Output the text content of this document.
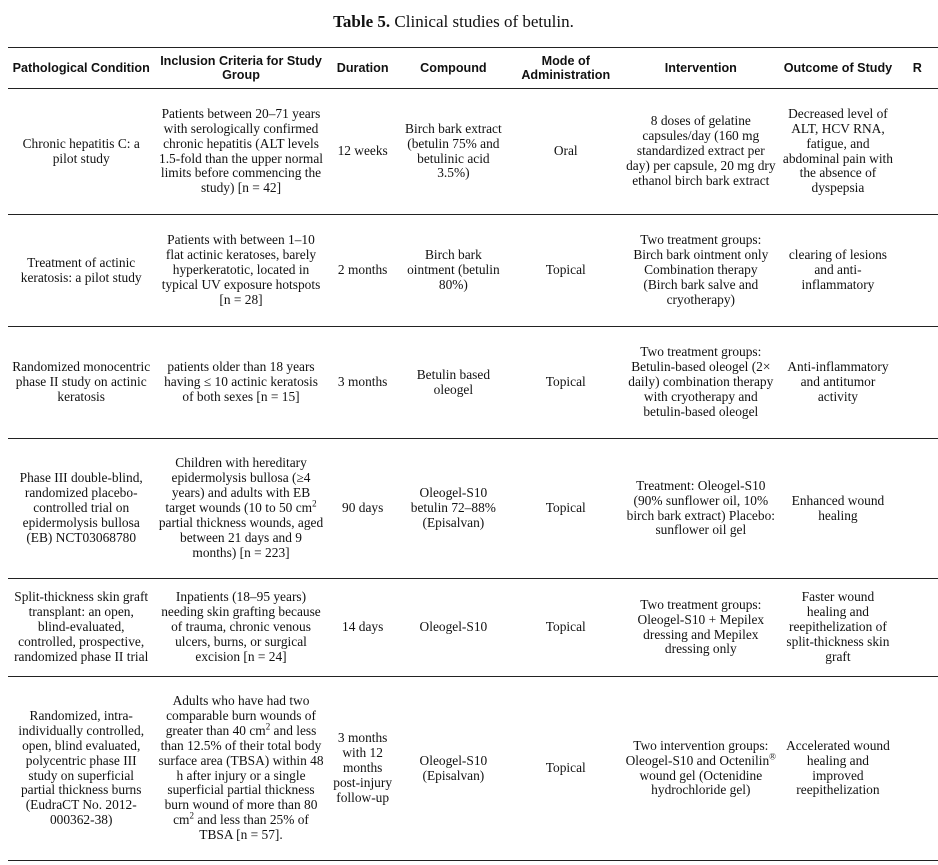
Table 5. Clinical studies of betulin.
Pathological Condition	Inclusion Criteria for Study Group	Duration	Compound	Mode of Administration	Intervention	Outcome of Study	R
Chronic hepatitis C: a pilot study	Patients between 20–71 years with serologically confirmed chronic hepatitis (ALT levels 1.5-fold than the upper normal limits before commencing the study) [n = 42]	12 weeks	Birch bark extract (betulin 75% and betulinic acid 3.5%)	Oral	8 doses of gelatine capsules/day (160 mg standardized extract per day) per capsule, 20 mg dry ethanol birch bark extract	Decreased level of ALT, HCV RNA, fatigue, and abdominal pain with the absence of dyspepsia	
Treatment of actinic keratosis: a pilot study	Patients with between 1–10 flat actinic keratoses, barely hyperkeratotic, located in typical UV exposure hotspots [n = 28]	2 months	Birch bark ointment (betulin 80%)	Topical	Two treatment groups: Birch bark ointment only Combination therapy (Birch bark salve and cryotherapy)	clearing of lesions and anti-inflammatory	
Randomized monocentric phase II study on actinic keratosis	patients older than 18 years having ≤ 10 actinic keratosis of both sexes [n = 15]	3 months	Betulin based oleogel	Topical	Two treatment groups: Betulin-based oleogel (2× daily) combination therapy with cryotherapy and betulin-based oleogel	Anti-inflammatory and antitumor activity	
Phase III double-blind, randomized placebo-controlled trial on epidermolysis bullosa (EB) NCT03068780	Children with hereditary epidermolysis bullosa (≥4 years) and adults with EB target wounds (10 to 50 $cm^2$ partial thickness wounds, aged between 21 days and 9 months) [n = 223]	90 days	Oleogel-S10 betulin 72–88% (Episalvan)	Topical	Treatment: Oleogel-S10 (90% sunflower oil, 10% birch bark extract) Placebo: sunflower oil gel	Enhanced wound healing	
Split-thickness skin graft transplant: an open, blind-evaluated, controlled, prospective, randomized phase II trial	Inpatients (18–95 years) needing skin grafting because of trauma, chronic venous ulcers, burns, or surgical excision [n = 24]	14 days	Oleogel-S10	Topical	Two treatment groups: Oleogel-S10 + Mepilex dressing and Mepilex dressing only	Faster wound healing and reepithelization of split-thickness skin graft	
Randomized, intra-individually controlled, open, blind evaluated, polycentric phase III study on superficial partial thickness burns (EudraCT No. 2012-000362-38)	Adults who have had two comparable burn wounds of greater than 40 $cm^2$ and less than 12.5% of their total body surface area (TBSA) within 48 h after injury or a single superficial partial thickness burn wound of more than 80 $cm^2$ and less than 25% of TBSA [n = 57].	3 months with 12 months post-injury follow-up	Oleogel-S10 (Episalvan)	Topical	Two intervention groups: Oleogel-S10 and Octenilin® wound gel (Octenidine hydrochloride gel)	Accelerated wound healing and improved reepithelization	
